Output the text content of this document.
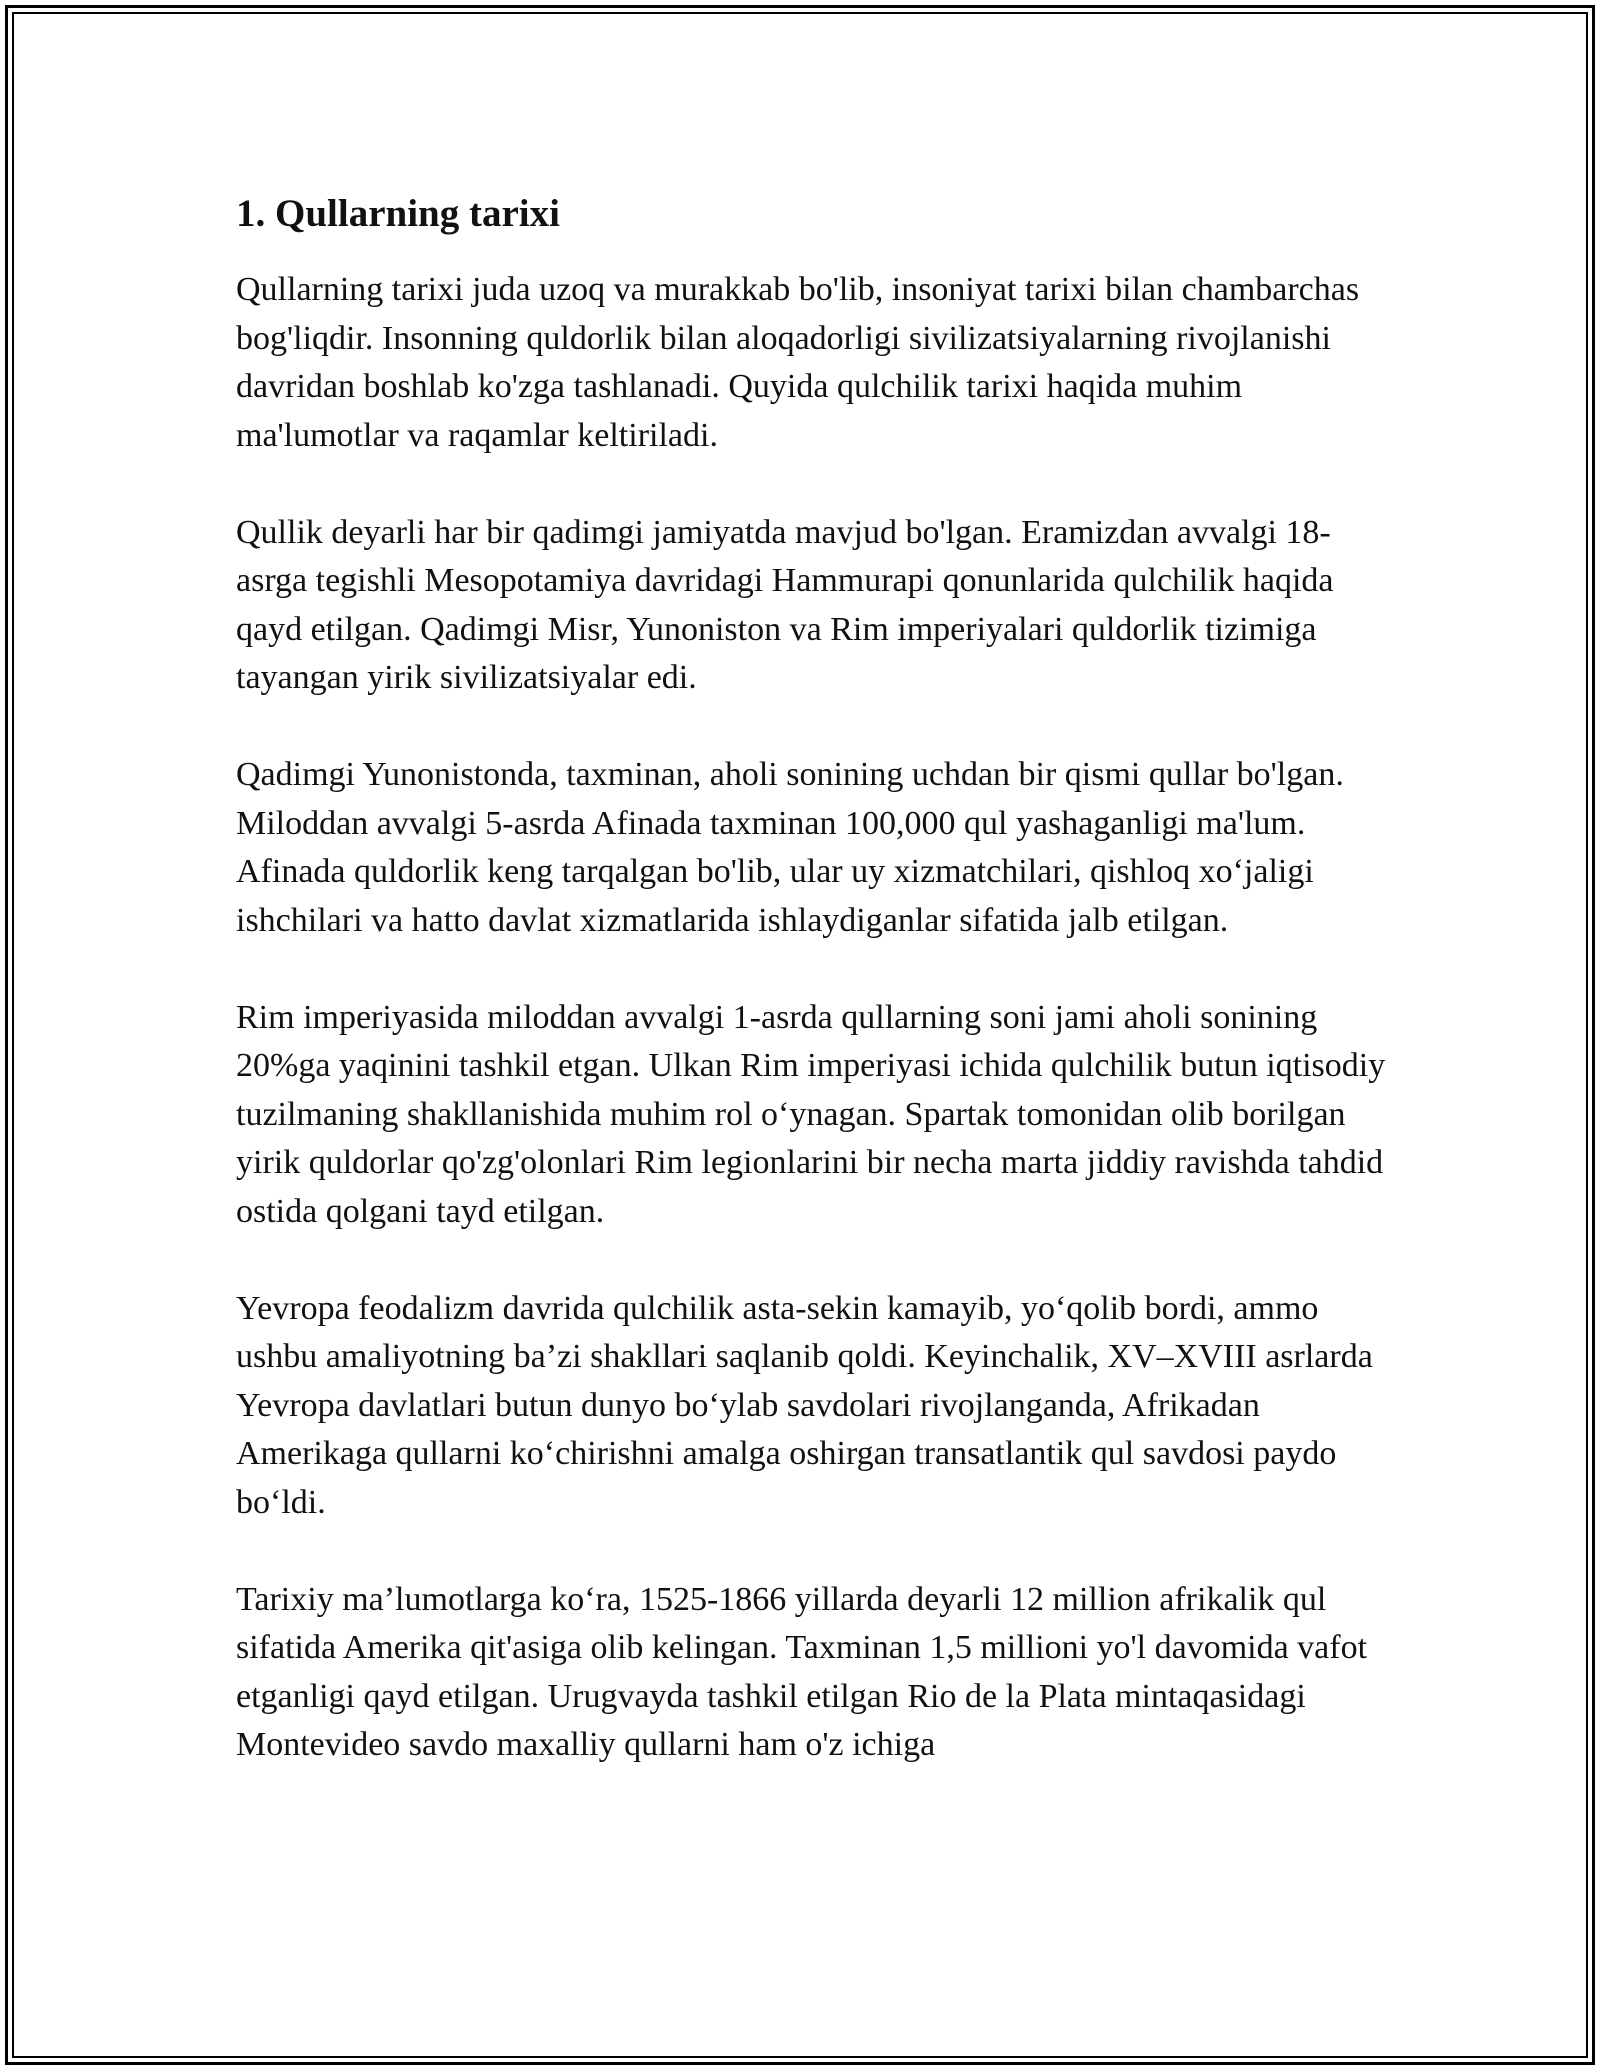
1. Qullarning tarixi

Qullarning tarixi juda uzoq va murakkab bo'lib, insoniyat tarixi bilan chambarchas bog'liqdir. Insonning quldorlik bilan aloqadorligi sivilizatsiyalarning rivojlanishi davridan boshlab ko'zga tashlanadi. Quyida qulchilik tarixi haqida muhim ma'lumotlar va raqamlar keltiriladi.

Qullik deyarli har bir qadimgi jamiyatda mavjud bo'lgan. Eramizdan avvalgi 18-asrga tegishli Mesopotamiya davridagi Hammurapi qonunlarida qulchilik haqida qayd etilgan. Qadimgi Misr, Yunoniston va Rim imperiyalari quldorlik tizimiga tayangan yirik sivilizatsiyalar edi.

Qadimgi Yunonistonda, taxminan, aholi sonining uchdan bir qismi qullar bo'lgan. Miloddan avvalgi 5-asrda Afinada taxminan 100,000 qul yashaganligi ma'lum. Afinada quldorlik keng tarqalgan bo'lib, ular uy xizmatchilari, qishloq xo‘jaligi ishchilari va hatto davlat xizmatlarida ishlaydiganlar sifatida jalb etilgan.

Rim imperiyasida miloddan avvalgi 1-asrda qullarning soni jami aholi sonining 20%ga yaqinini tashkil etgan. Ulkan Rim imperiyasi ichida qulchilik butun iqtisodiy tuzilmaning shakllanishida muhim rol o‘ynagan. Spartak tomonidan olib borilgan yirik quldorlar qo'zg'olonlari Rim legionlarini bir necha marta jiddiy ravishda tahdid ostida qolgani tayd etilgan.

Yevropa feodalizm davrida qulchilik asta-sekin kamayib, yo‘qolib bordi, ammo ushbu amaliyotning ba’zi shakllari saqlanib qoldi. Keyinchalik, XV–XVIII asrlarda Yevropa davlatlari butun dunyo bo‘ylab savdolari rivojlanganda, Afrikadan Amerikaga qullarni ko‘chirishni amalga oshirgan transatlantik qul savdosi paydo bo‘ldi.

Tarixiy ma’lumotlarga ko‘ra, 1525-1866 yillarda deyarli 12 million afrikalik qul sifatida Amerika qit'asiga olib kelingan. Taxminan 1,5 millioni yo'l davomida vafot etganligi qayd etilgan. Urugvayda tashkil etilgan Rio de la Plata mintaqasidagi Montevideo savdo maxalliy qullarni ham o'z ichiga
